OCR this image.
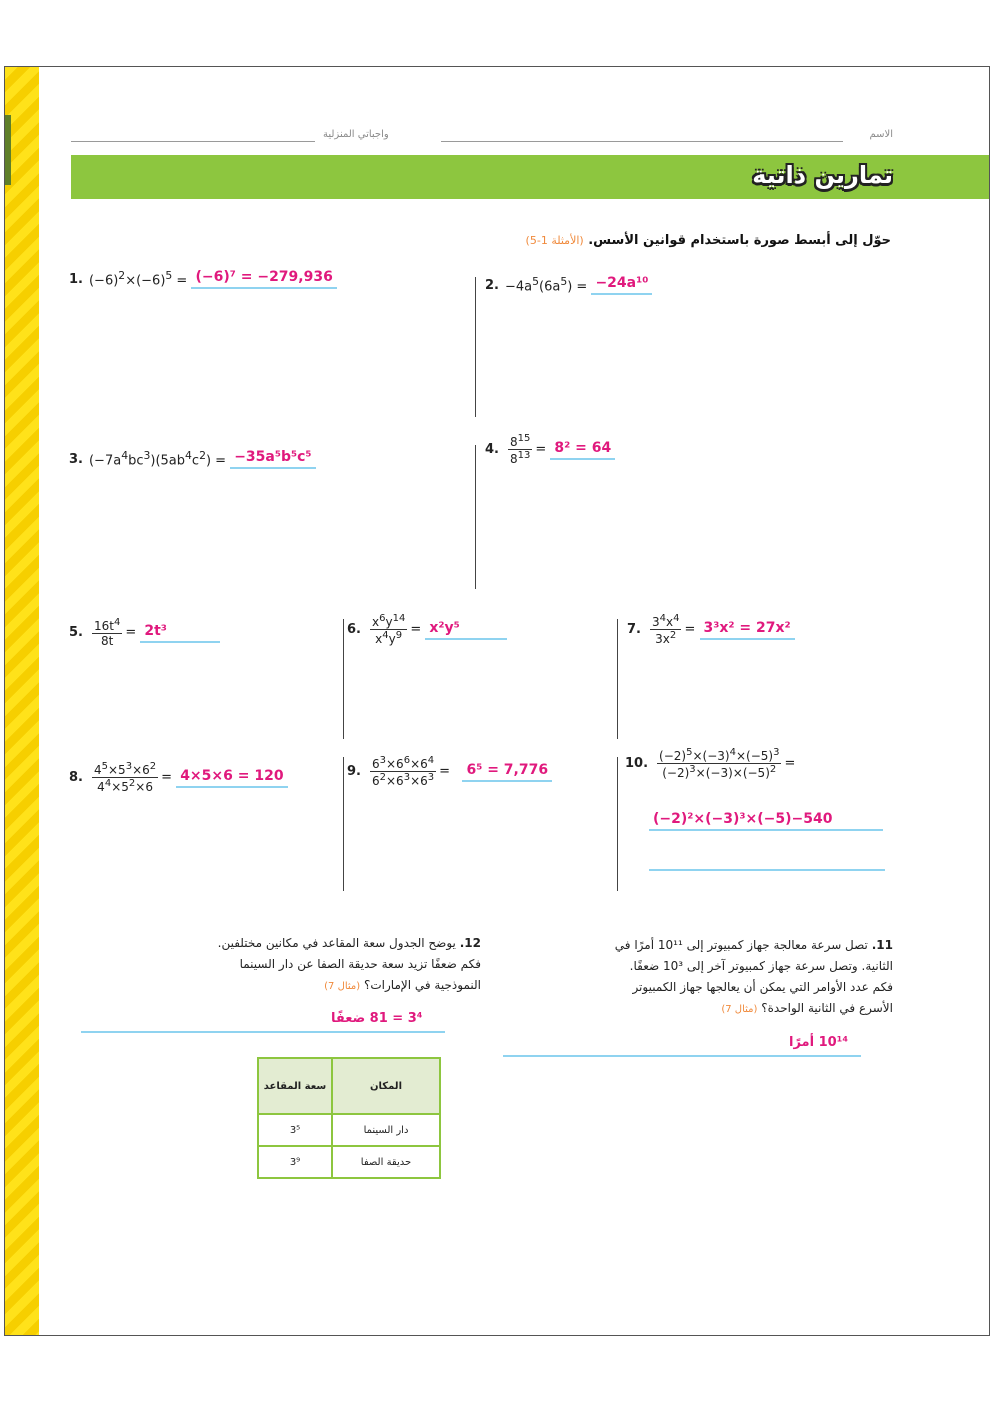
الاسم
واجباتي المنزلية
تمارين ذاتية
حوّل إلى أبسط صورة باستخدام قوانين الأسس. (الأمثلة 1-5)
1. $(-6)^2\times(-6)^5 = (-6)^7 = -279,936$	2. $-4a^5(6a^5) = -24a^{10}$
3. $(-7a^4bc^3)(5ab^4c^2) = -35a^5b^5c^5$	4. $\frac{8^{15}}{8^{13}} = 8^2 = 64$
5. $\frac{16t^4}{8t} = 2t^3$	6. $\frac{x^6y^{14}}{x^4y^9} = x^2y^5$	7. $\frac{3^4x^4}{3x^2} = 3^3x^2 = 27x^2$
8. $\frac{4^5\times 5^3\times 6^2}{4^4\times 5^2\times 6} = 4\times 5\times 6 = 120$	9. $\frac{6^3\times 6^6\times 6^4}{6^2\times 6^3\times 6^3} = 6^5 = 7,776$	10. $\frac{(-2)^5\times(-3)^4\times(-5)^3}{(-2)^3\times(-3)\times(-5)^2}$ =
(−2)²×(−3)³×(−5)−540
11. تصل سرعة معالجة جهاز كمبيوتر إلى 10¹¹ أمرًا في
الثانية. وتصل سرعة جهاز كمبيوتر آخر إلى 10³ ضعفًا.
فكم عدد الأوامر التي يمكن أن يعالجها جهاز الكمبيوتر
الأسرع في الثانية الواحدة؟ (مثال 7)
10¹⁴ أمرًا
12. يوضح الجدول سعة المقاعد في مكانين مختلفين.
فكم ضعفًا تزيد سعة حديقة الصفا عن دار السينما
النموذجية في الإمارات؟ (مثال 7)
3⁴ = 81 ضعفًا
المكان	سعة المقاعد
دار السينما	3⁵
حديقة الصفا	3⁹
